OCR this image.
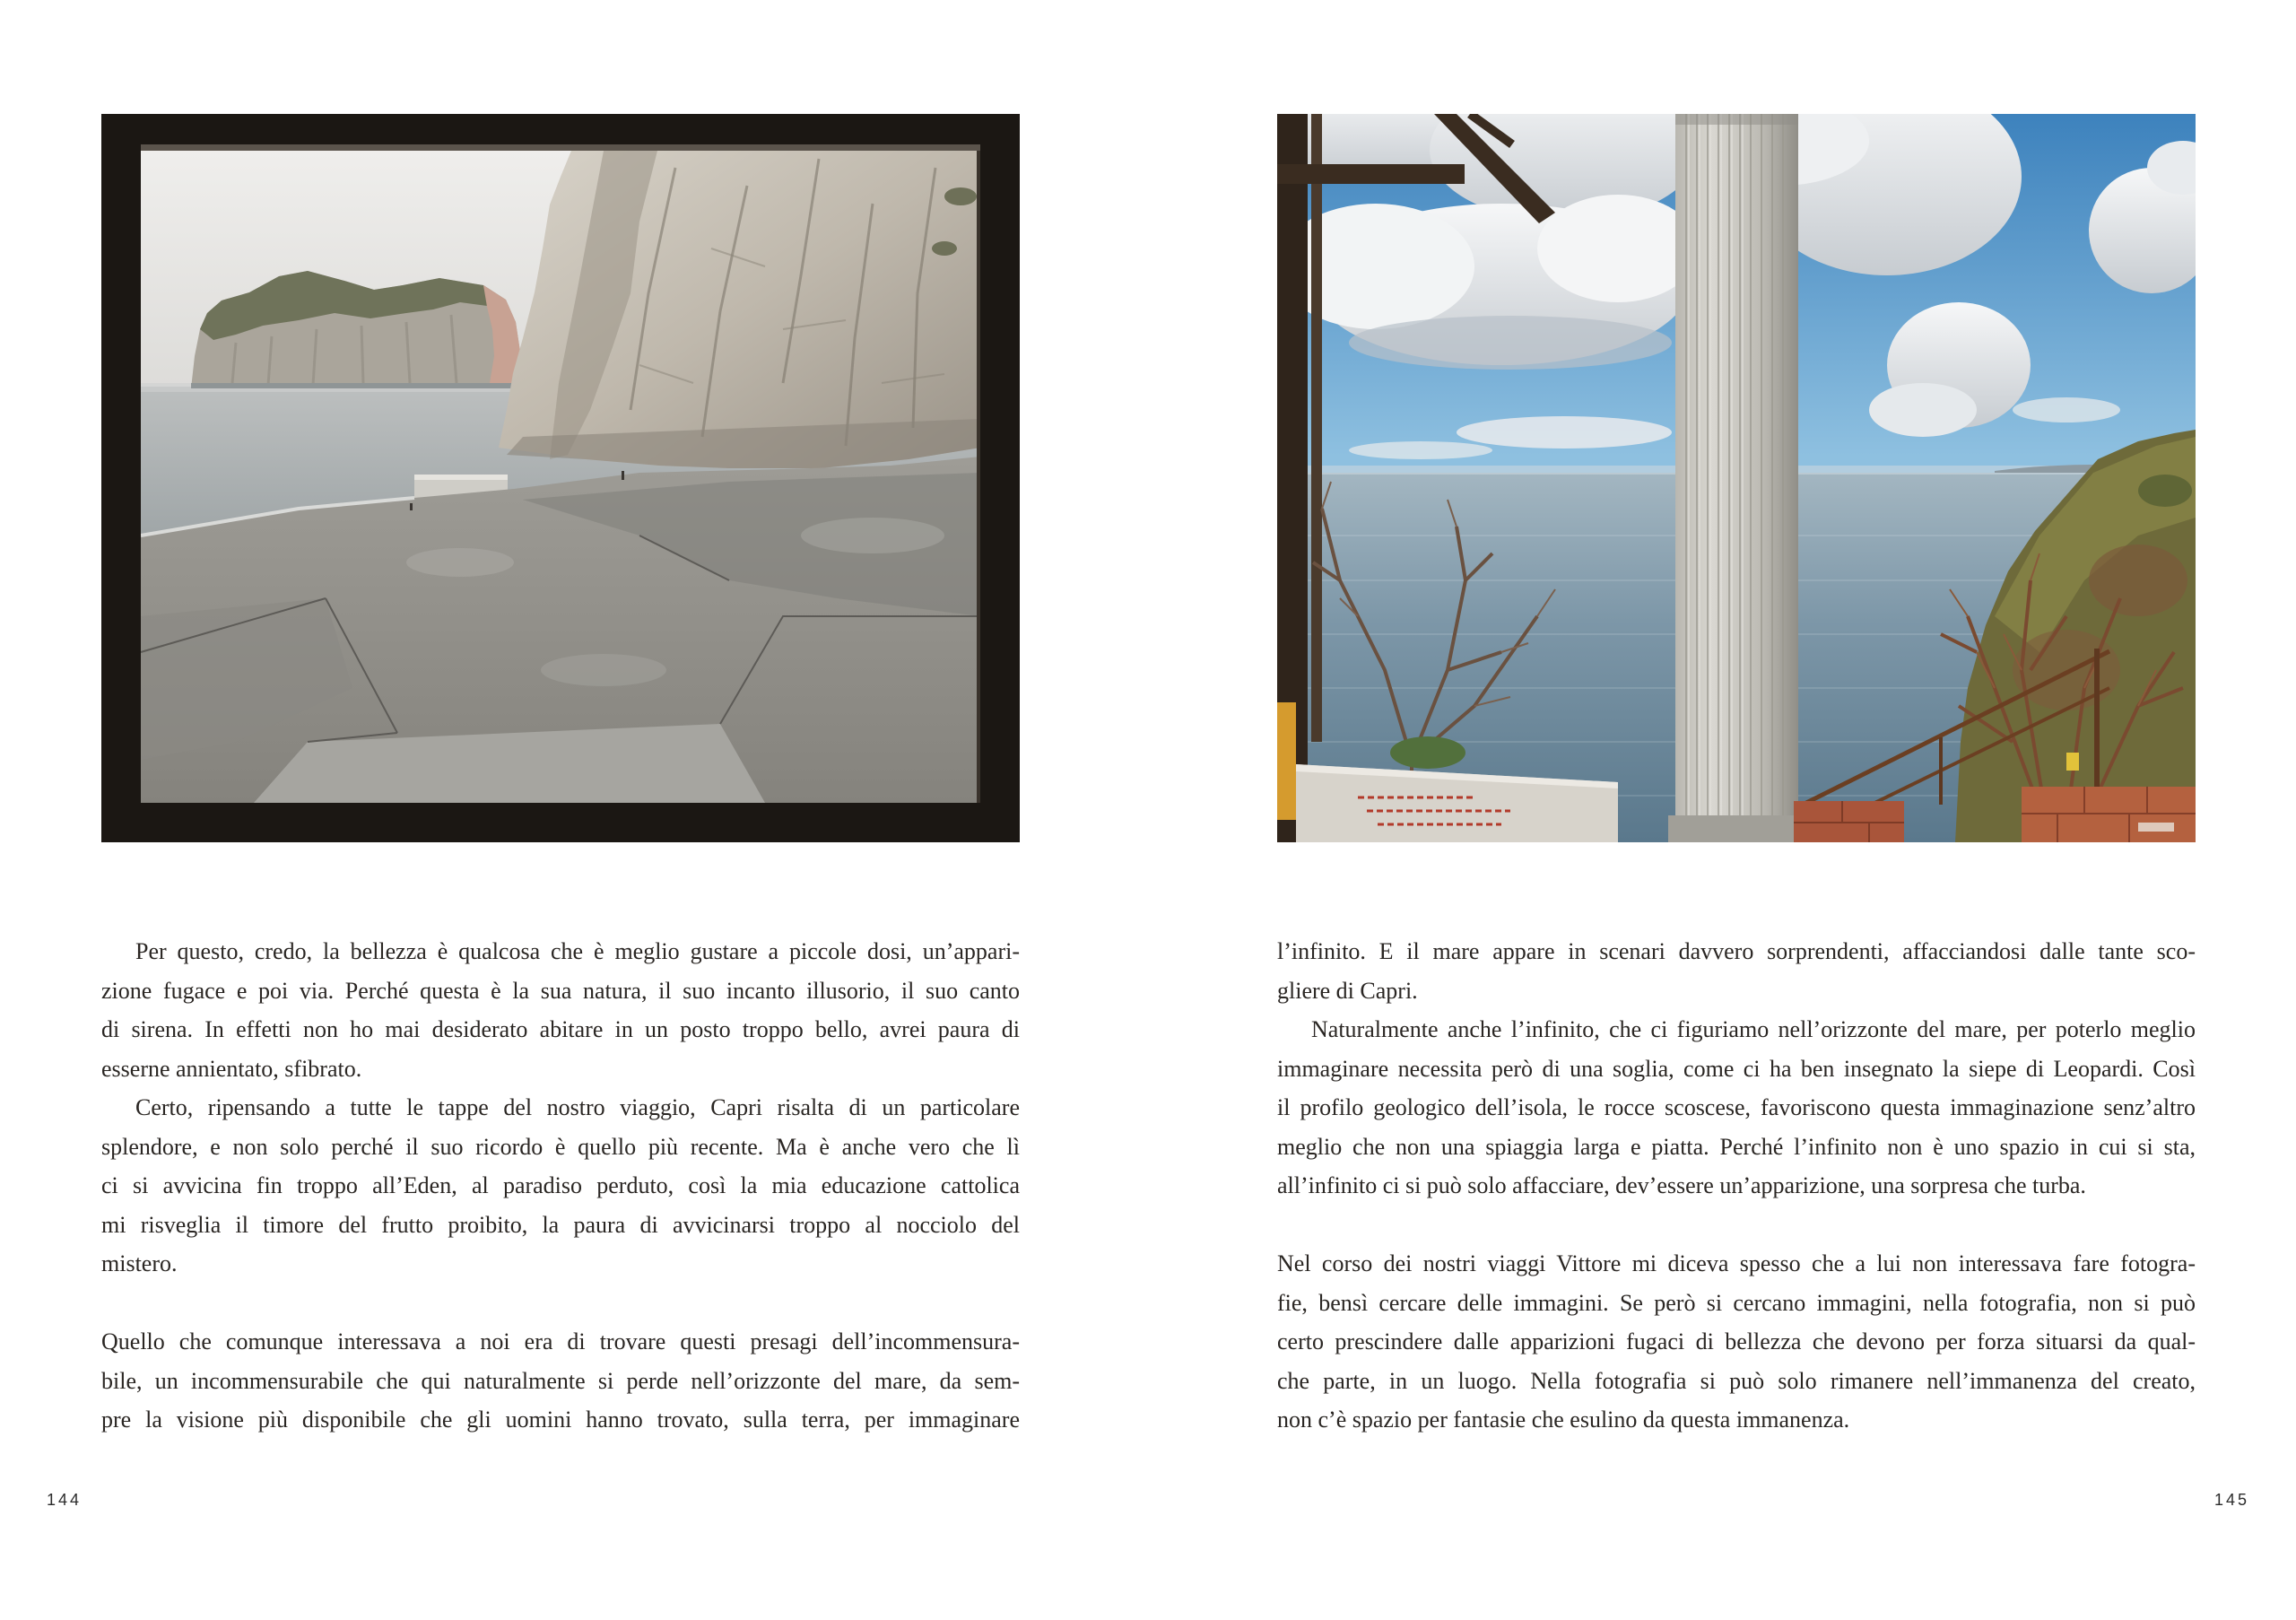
Per questo, credo, la bellezza è qualcosa che è meglio gustare a piccole dosi, un’appari-
zione fugace e poi via. Perché questa è la sua natura, il suo incanto illusorio, il suo canto
di sirena. In effetti non ho mai desiderato abitare in un posto troppo bello, avrei paura di
esserne annientato, sfibrato.
Certo, ripensando a tutte le tappe del nostro viaggio, Capri risalta di un particolare
splendore, e non solo perché il suo ricordo è quello più recente. Ma è anche vero che lì
ci si avvicina fin troppo all’Eden, al paradiso perduto, così la mia educazione cattolica
mi risveglia il timore del frutto proibito, la paura di avvicinarsi troppo al nocciolo del
mistero.
Quello che comunque interessava a noi era di trovare questi presagi dell’incommensura-
bile, un incommensurabile che qui naturalmente si perde nell’orizzonte del mare, da sem-
pre la visione più disponibile che gli uomini hanno trovato, sulla terra, per immaginare
144
l’infinito. E il mare appare in scenari davvero sorprendenti, affacciandosi dalle tante sco-
gliere di Capri.
Naturalmente anche l’infinito, che ci figuriamo nell’orizzonte del mare, per poterlo meglio
immaginare necessita però di una soglia, come ci ha ben insegnato la siepe di Leopardi. Così
il profilo geologico dell’isola, le rocce scoscese, favoriscono questa immaginazione senz’altro
meglio che non una spiaggia larga e piatta. Perché l’infinito non è uno spazio in cui si sta,
all’infinito ci si può solo affacciare, dev’essere un’apparizione, una sorpresa che turba.
Nel corso dei nostri viaggi Vittore mi diceva spesso che a lui non interessava fare fotogra-
fie, bensì cercare delle immagini. Se però si cercano immagini, nella fotografia, non si può
certo prescindere dalle apparizioni fugaci di bellezza che devono per forza situarsi da qual-
che parte, in un luogo. Nella fotografia si può solo rimanere nell’immanenza del creato,
non c’è spazio per fantasie che esulino da questa immanenza.
145
